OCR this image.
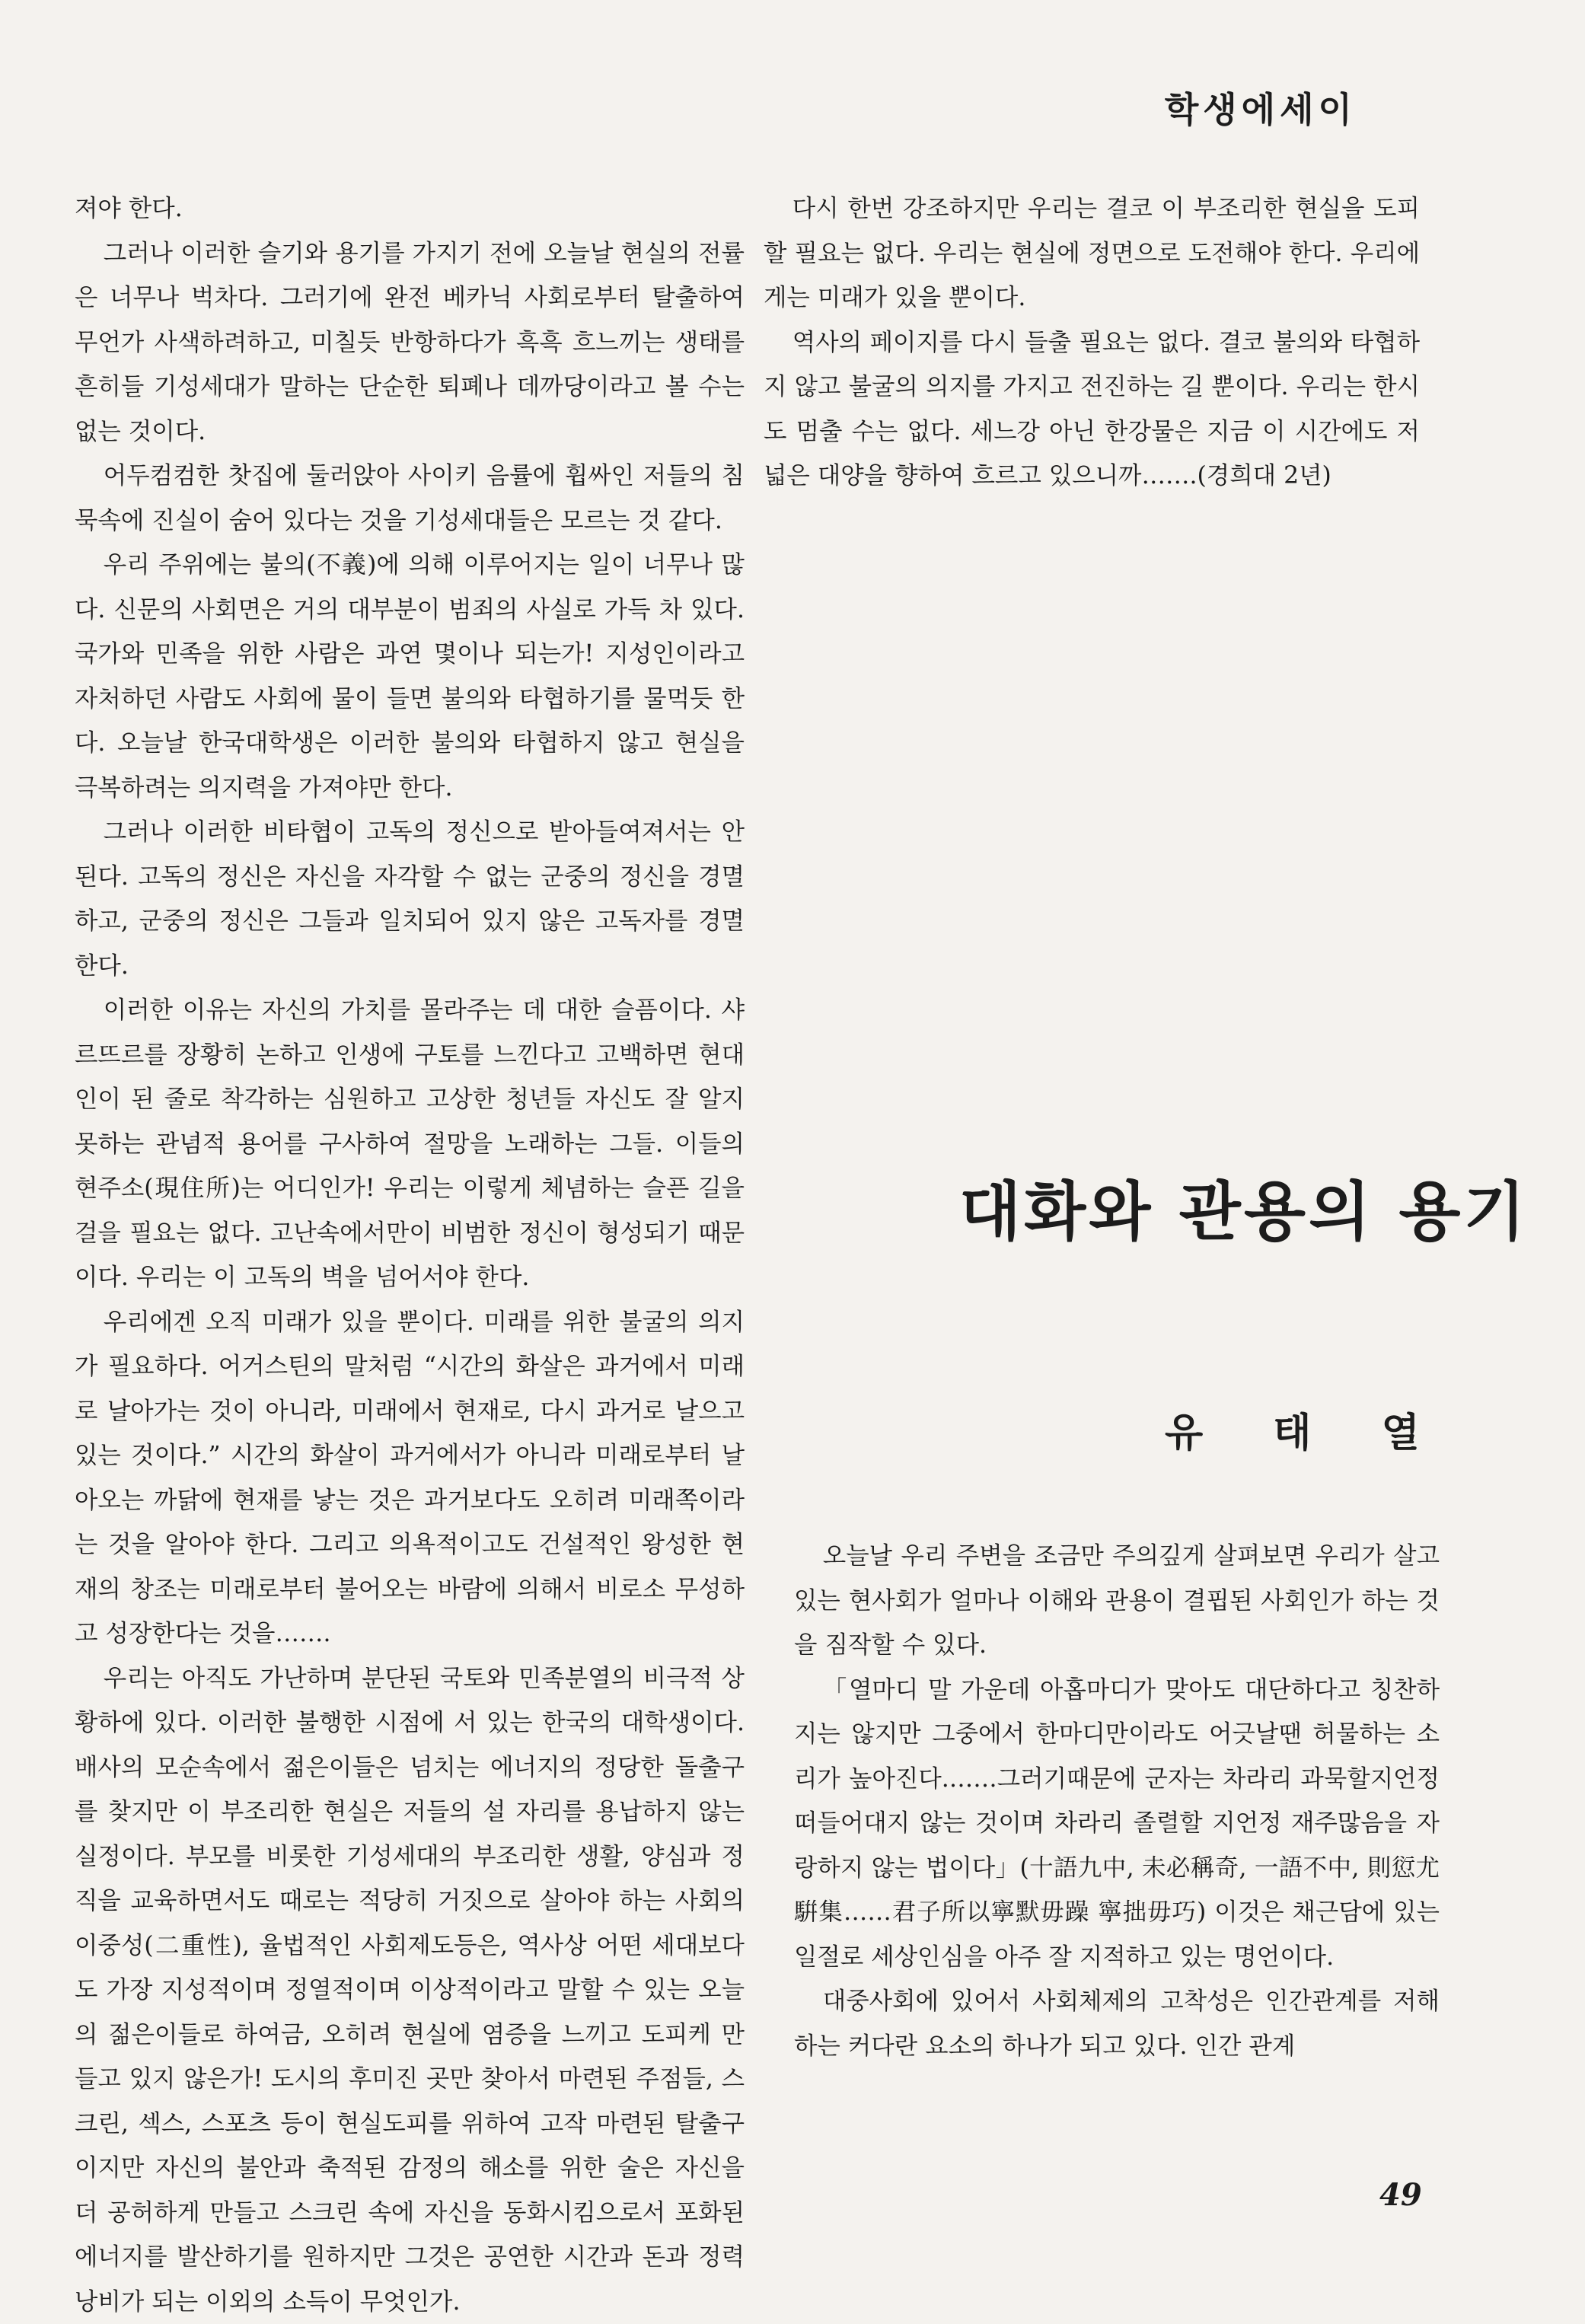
학생에세이

져야 한다.

그러나 이러한 슬기와 용기를 가지기 전에 오늘날 현실의 전률은 너무나 벅차다. 그러기에 완전 베카닉 사회로부터 탈출하여 무언가 사색하려하고, 미칠듯 반항하다가 흑흑 흐느끼는 생태를 흔히들 기성세대가 말하는 단순한 퇴폐나 데까당이라고 볼 수는 없는 것이다.

어두컴컴한 찻집에 둘러앉아 사이키 음률에 휩싸인 저들의 침묵속에 진실이 숨어 있다는 것을 기성세대들은 모르는 것 같다.

우리 주위에는 불의(不義)에 의해 이루어지는 일이 너무나 많다. 신문의 사회면은 거의 대부분이 범죄의 사실로 가득 차 있다. 국가와 민족을 위한 사람은 과연 몇이나 되는가! 지성인이라고 자처하던 사람도 사회에 물이 들면 불의와 타협하기를 물먹듯 한다. 오늘날 한국대학생은 이러한 불의와 타협하지 않고 현실을 극복하려는 의지력을 가져야만 한다.

그러나 이러한 비타협이 고독의 정신으로 받아들여져서는 안된다. 고독의 정신은 자신을 자각할 수 없는 군중의 정신을 경멸하고, 군중의 정신은 그들과 일치되어 있지 않은 고독자를 경멸한다.

이러한 이유는 자신의 가치를 몰라주는 데 대한 슬픔이다. 샤르뜨르를 장황히 논하고 인생에 구토를 느낀다고 고백하면 현대인이 된 줄로 착각하는 심원하고 고상한 청년들 자신도 잘 알지 못하는 관념적 용어를 구사하여 절망을 노래하는 그들. 이들의 현주소(現住所)는 어디인가! 우리는 이렇게 체념하는 슬픈 길을 걸을 필요는 없다. 고난속에서만이 비범한 정신이 형성되기 때문이다. 우리는 이 고독의 벽을 넘어서야 한다.

우리에겐 오직 미래가 있을 뿐이다. 미래를 위한 불굴의 의지가 필요하다. 어거스틴의 말처럼 “시간의 화살은 과거에서 미래로 날아가는 것이 아니라, 미래에서 현재로, 다시 과거로 날으고 있는 것이다.” 시간의 화살이 과거에서가 아니라 미래로부터 날아오는 까닭에 현재를 낳는 것은 과거보다도 오히려 미래쪽이라는 것을 알아야 한다. 그리고 의욕적이고도 건설적인 왕성한 현재의 창조는 미래로부터 불어오는 바람에 의해서 비로소 무성하고 성장한다는 것을…….

우리는 아직도 가난하며 분단된 국토와 민족분열의 비극적 상황하에 있다. 이러한 불행한 시점에 서 있는 한국의 대학생이다. 배사의 모순속에서 젊은이들은 넘치는 에너지의 정당한 돌출구를 찾지만 이 부조리한 현실은 저들의 설 자리를 용납하지 않는 실정이다. 부모를 비롯한 기성세대의 부조리한 생활, 양심과 정직을 교육하면서도 때로는 적당히 거짓으로 살아야 하는 사회의 이중성(二重性), 율법적인 사회제도등은, 역사상 어떤 세대보다도 가장 지성적이며 정열적이며 이상적이라고 말할 수 있는 오늘의 젊은이들로 하여금, 오히려 현실에 염증을 느끼고 도피케 만들고 있지 않은가! 도시의 후미진 곳만 찾아서 마련된 주점들, 스크린, 섹스, 스포츠 등이 현실도피를 위하여 고작 마련된 탈출구이지만 자신의 불안과 축적된 감정의 해소를 위한 술은 자신을 더 공허하게 만들고 스크린 속에 자신을 동화시킴으로서 포화된 에너지를 발산하기를 원하지만 그것은 공연한 시간과 돈과 정력 낭비가 되는 이외의 소득이 무엇인가.

다시 한번 강조하지만 우리는 결코 이 부조리한 현실을 도피할 필요는 없다. 우리는 현실에 정면으로 도전해야 한다. 우리에게는 미래가 있을 뿐이다.

역사의 페이지를 다시 들출 필요는 없다. 결코 불의와 타협하지 않고 불굴의 의지를 가지고 전진하는 길 뿐이다. 우리는 한시도 멈출 수는 없다. 세느강 아닌 한강물은 지금 이 시간에도 저 넓은 대양을 향하여 흐르고 있으니까…….(경희대 2년)

대화와 관용의 용기
유태열

오늘날 우리 주변을 조금만 주의깊게 살펴보면 우리가 살고있는 현사회가 얼마나 이해와 관용이 결핍된 사회인가 하는 것을 짐작할 수 있다.

「열마디 말 가운데 아홉마디가 맞아도 대단하다고 칭찬하지는 않지만 그중에서 한마디만이라도 어긋날땐 허물하는 소리가 높아진다.……그러기때문에 군자는 차라리 과묵할지언정 떠들어대지 않는 것이며 차라리 졸렬할 지언정 재주많음을 자랑하지 않는 법이다」(十語九中, 未必稱奇, 一語不中, 則愆尤騈集……君子所以寧默毋躁 寧拙毋巧) 이것은 채근담에 있는 일절로 세상인심을 아주 잘 지적하고 있는 명언이다.

대중사회에 있어서 사회체제의 고착성은 인간관계를 저해하는 커다란 요소의 하나가 되고 있다. 인간 관계

49
